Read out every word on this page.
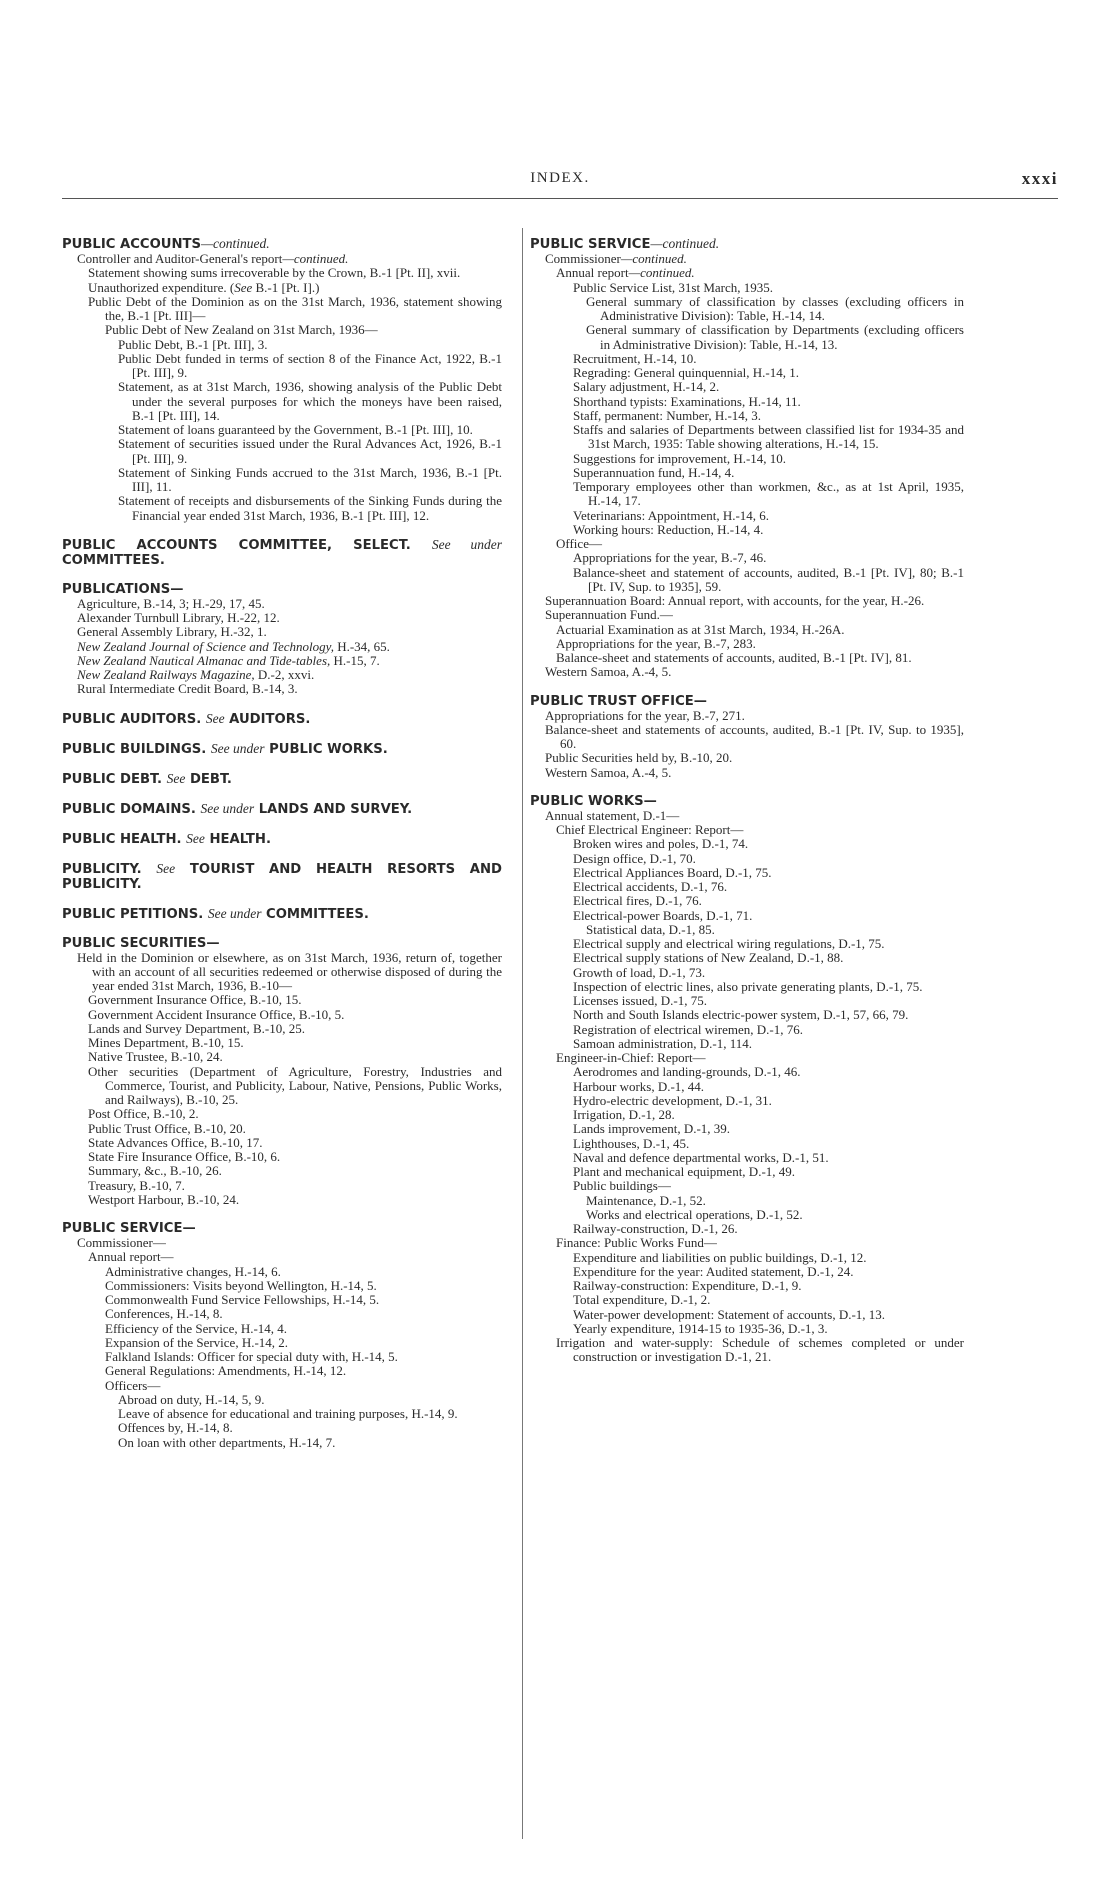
INDEX.	xxxi

PUBLIC ACCOUNTS—continued.

Controller and Auditor-General's report—continued.

Statement showing sums irrecoverable by the Crown, B.-1 [Pt. II], xvii.

Unauthorized expenditure. (See B.-1 [Pt. I].)

Public Debt of the Dominion as on the 31st March, 1936, statement showing the, B.-1 [Pt. III]—

Public Debt of New Zealand on 31st March, 1936—

Public Debt, B.-1 [Pt. III], 3.

Public Debt funded in terms of section 8 of the Finance Act, 1922, B.-1 [Pt. III], 9.

Statement, as at 31st March, 1936, showing analysis of the Public Debt under the several purposes for which the moneys have been raised, B.-1 [Pt. III], 14.

Statement of loans guaranteed by the Government, B.-1 [Pt. III], 10.

Statement of securities issued under the Rural Advances Act, 1926, B.-1 [Pt. III], 9.

Statement of Sinking Funds accrued to the 31st March, 1936, B.-1 [Pt. III], 11.

Statement of receipts and disbursements of the Sinking Funds during the Financial year ended 31st March, 1936, B.-1 [Pt. III], 12.

PUBLIC ACCOUNTS COMMITTEE, SELECT. See under COMMITTEES.

PUBLICATIONS—

Agriculture, B.-14, 3; H.-29, 17, 45.

Alexander Turnbull Library, H.-22, 12.

General Assembly Library, H.-32, 1.

New Zealand Journal of Science and Technology, H.-34, 65.

New Zealand Nautical Almanac and Tide-tables, H.-15, 7.

New Zealand Railways Magazine, D.-2, xxvi.

Rural Intermediate Credit Board, B.-14, 3.

PUBLIC AUDITORS. See AUDITORS.

PUBLIC BUILDINGS. See under PUBLIC WORKS.

PUBLIC DEBT. See DEBT.

PUBLIC DOMAINS. See under LANDS AND SURVEY.

PUBLIC HEALTH. See HEALTH.

PUBLICITY. See TOURIST AND HEALTH RESORTS AND PUBLICITY.

PUBLIC PETITIONS. See under COMMITTEES.

PUBLIC SECURITIES—

Held in the Dominion or elsewhere, as on 31st March, 1936, return of, together with an account of all securities redeemed or otherwise disposed of during the year ended 31st March, 1936, B.-10—

Government Insurance Office, B.-10, 15.

Government Accident Insurance Office, B.-10, 5.

Lands and Survey Department, B.-10, 25.

Mines Department, B.-10, 15.

Native Trustee, B.-10, 24.

Other securities (Department of Agriculture, Forestry, Industries and Commerce, Tourist, and Publicity, Labour, Native, Pensions, Public Works, and Railways), B.-10, 25.

Post Office, B.-10, 2.

Public Trust Office, B.-10, 20.

State Advances Office, B.-10, 17.

State Fire Insurance Office, B.-10, 6.

Summary, &c., B.-10, 26.

Treasury, B.-10, 7.

Westport Harbour, B.-10, 24.

PUBLIC SERVICE—

Commissioner—

Annual report—

Administrative changes, H.-14, 6.

Commissioners: Visits beyond Wellington, H.-14, 5.

Commonwealth Fund Service Fellowships, H.-14, 5.

Conferences, H.-14, 8.

Efficiency of the Service, H.-14, 4.

Expansion of the Service, H.-14, 2.

Falkland Islands: Officer for special duty with, H.-14, 5.

General Regulations: Amendments, H.-14, 12.

Officers—

Abroad on duty, H.-14, 5, 9.

Leave of absence for educational and training purposes, H.-14, 9.

Offences by, H.-14, 8.

On loan with other departments, H.-14, 7.

PUBLIC SERVICE—continued.

Commissioner—continued.

Annual report—continued.

Public Service List, 31st March, 1935.

General summary of classification by classes (excluding officers in Administrative Division): Table, H.-14, 14.

General summary of classification by Departments (excluding officers in Administrative Division): Table, H.-14, 13.

Recruitment, H.-14, 10.

Regrading: General quinquennial, H.-14, 1.

Salary adjustment, H.-14, 2.

Shorthand typists: Examinations, H.-14, 11.

Staff, permanent: Number, H.-14, 3.

Staffs and salaries of Departments between classified list for 1934-35 and 31st March, 1935: Table showing alterations, H.-14, 15.

Suggestions for improvement, H.-14, 10.

Superannuation fund, H.-14, 4.

Temporary employees other than workmen, &c., as at 1st April, 1935, H.-14, 17.

Veterinarians: Appointment, H.-14, 6.

Working hours: Reduction, H.-14, 4.

Office—

Appropriations for the year, B.-7, 46.

Balance-sheet and statement of accounts, audited, B.-1 [Pt. IV], 80; B.-1 [Pt. IV, Sup. to 1935], 59.

Superannuation Board: Annual report, with accounts, for the year, H.-26.

Superannuation Fund.—

Actuarial Examination as at 31st March, 1934, H.-26A.

Appropriations for the year, B.-7, 283.

Balance-sheet and statements of accounts, audited, B.-1 [Pt. IV], 81.

Western Samoa, A.-4, 5.

PUBLIC TRUST OFFICE—

Appropriations for the year, B.-7, 271.

Balance-sheet and statements of accounts, audited, B.-1 [Pt. IV, Sup. to 1935], 60.

Public Securities held by, B.-10, 20.

Western Samoa, A.-4, 5.

PUBLIC WORKS—

Annual statement, D.-1—

Chief Electrical Engineer: Report—

Broken wires and poles, D.-1, 74.

Design office, D.-1, 70.

Electrical Appliances Board, D.-1, 75.

Electrical accidents, D.-1, 76.

Electrical fires, D.-1, 76.

Electrical-power Boards, D.-1, 71.

Statistical data, D.-1, 85.

Electrical supply and electrical wiring regulations, D.-1, 75.

Electrical supply stations of New Zealand, D.-1, 88.

Growth of load, D.-1, 73.

Inspection of electric lines, also private generating plants, D.-1, 75.

Licenses issued, D.-1, 75.

North and South Islands electric-power system, D.-1, 57, 66, 79.

Registration of electrical wiremen, D.-1, 76.

Samoan administration, D.-1, 114.

Engineer-in-Chief: Report—

Aerodromes and landing-grounds, D.-1, 46.

Harbour works, D.-1, 44.

Hydro-electric development, D.-1, 31.

Irrigation, D.-1, 28.

Lands improvement, D.-1, 39.

Lighthouses, D.-1, 45.

Naval and defence departmental works, D.-1, 51.

Plant and mechanical equipment, D.-1, 49.

Public buildings—

Maintenance, D.-1, 52.

Works and electrical operations, D.-1, 52.

Railway-construction, D.-1, 26.

Finance: Public Works Fund—

Expenditure and liabilities on public buildings, D.-1, 12.

Expenditure for the year: Audited statement, D.-1, 24.

Railway-construction: Expenditure, D.-1, 9.

Total expenditure, D.-1, 2.

Water-power development: Statement of accounts, D.-1, 13.

Yearly expenditure, 1914-15 to 1935-36, D.-1, 3.

Irrigation and water-supply: Schedule of schemes completed or under construction or investigation D.-1, 21.
